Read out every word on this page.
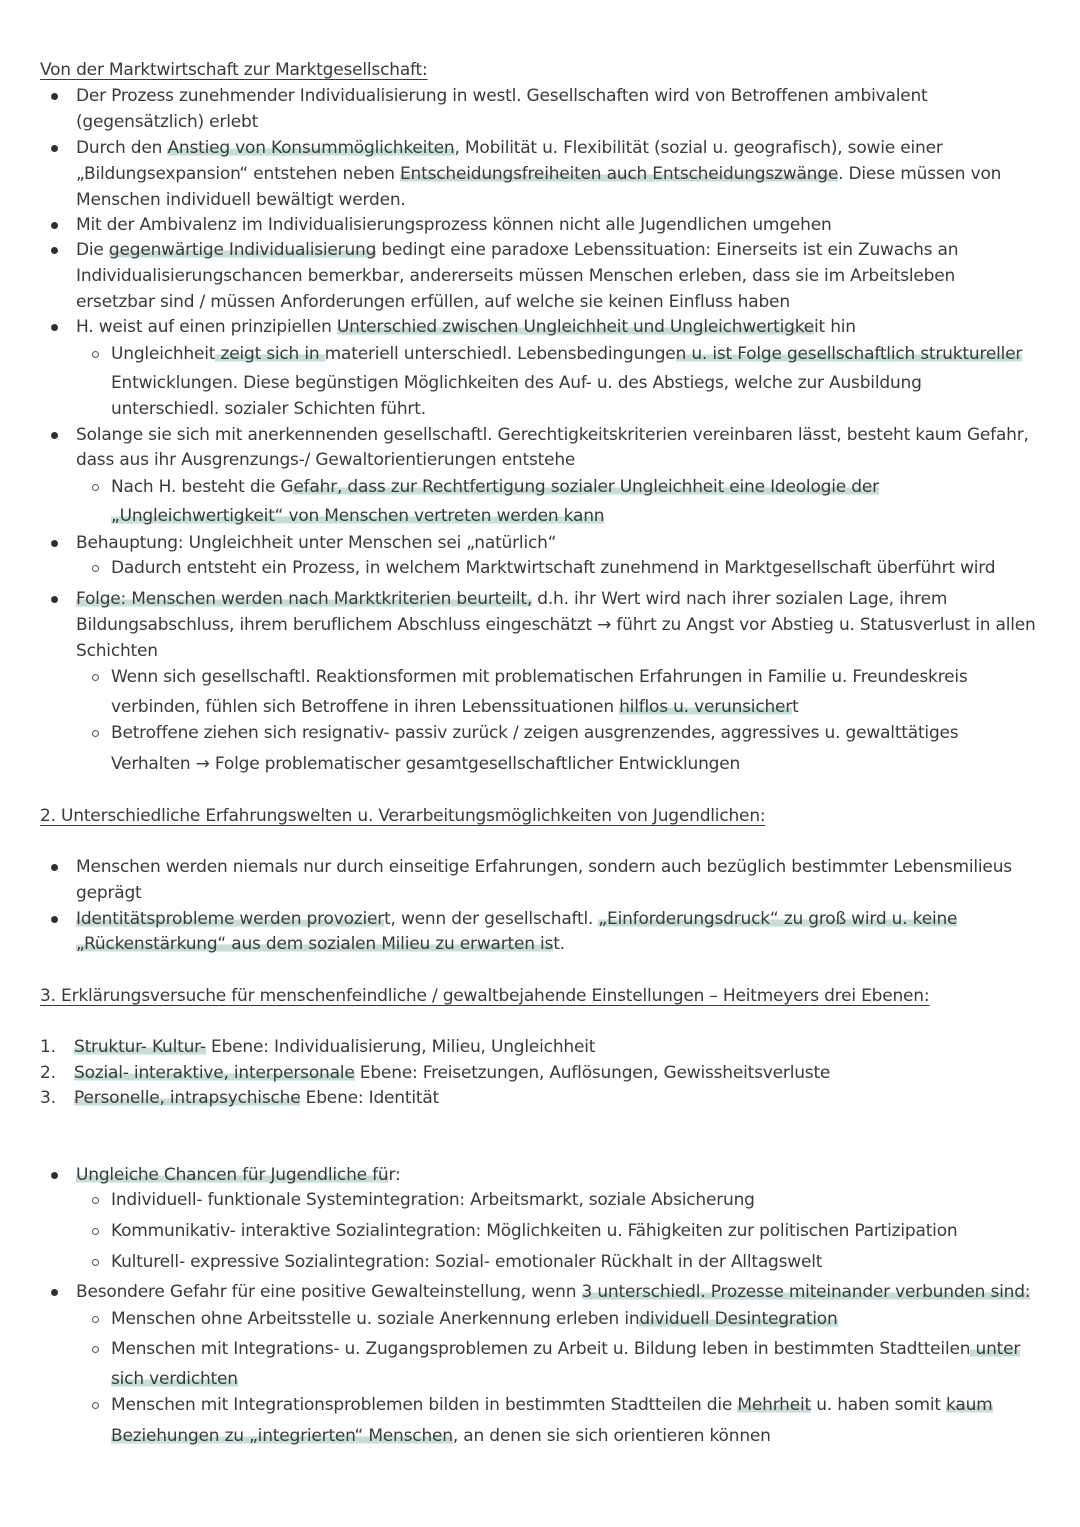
Von der Marktwirtschaft zur Marktgesellschaft:
Der Prozess zunehmender Individualisierung in westl. Gesellschaften wird von Betroffenen ambivalent
(gegensätzlich) erlebt
Durch den Anstieg von Konsummöglichkeiten, Mobilität u. Flexibilität (sozial u. geografisch), sowie einer
„Bildungsexpansion“ entstehen neben Entscheidungsfreiheiten auch Entscheidungszwänge. Diese müssen von
Menschen individuell bewältigt werden.
Mit der Ambivalenz im Individualisierungsprozess können nicht alle Jugendlichen umgehen
Die gegenwärtige Individualisierung bedingt eine paradoxe Lebenssituation: Einerseits ist ein Zuwachs an
Individualisierungschancen bemerkbar, andererseits müssen Menschen erleben, dass sie im Arbeitsleben
ersetzbar sind / müssen Anforderungen erfüllen, auf welche sie keinen Einfluss haben
H. weist auf einen prinzipiellen Unterschied zwischen Ungleichheit und Ungleichwertigkeit hin
Ungleichheit zeigt sich in materiell unterschiedl. Lebensbedingungen u. ist Folge gesellschaftlich struktureller
Entwicklungen. Diese begünstigen Möglichkeiten des Auf- u. des Abstiegs, welche zur Ausbildung
unterschiedl. sozialer Schichten führt.
Solange sie sich mit anerkennenden gesellschaftl. Gerechtigkeitskriterien vereinbaren lässt, besteht kaum Gefahr,
dass aus ihr Ausgrenzungs-/ Gewaltorientierungen entstehe
Nach H. besteht die Gefahr, dass zur Rechtfertigung sozialer Ungleichheit eine Ideologie der
„Ungleichwertigkeit“ von Menschen vertreten werden kann
Behauptung: Ungleichheit unter Menschen sei „natürlich“
Dadurch entsteht ein Prozess, in welchem Marktwirtschaft zunehmend in Marktgesellschaft überführt wird
Folge: Menschen werden nach Marktkriterien beurteilt, d.h. ihr Wert wird nach ihrer sozialen Lage, ihrem
Bildungsabschluss, ihrem beruflichem Abschluss eingeschätzt → führt zu Angst vor Abstieg u. Statusverlust in allen
Schichten
Wenn sich gesellschaftl. Reaktionsformen mit problematischen Erfahrungen in Familie u. Freundeskreis
verbinden, fühlen sich Betroffene in ihren Lebenssituationen hilflos u. verunsichert
Betroffene ziehen sich resignativ- passiv zurück / zeigen ausgrenzendes, aggressives u. gewalttätiges
Verhalten → Folge problematischer gesamtgesellschaftlicher Entwicklungen
2. Unterschiedliche Erfahrungswelten u. Verarbeitungsmöglichkeiten von Jugendlichen:
Menschen werden niemals nur durch einseitige Erfahrungen, sondern auch bezüglich bestimmter Lebensmilieus
geprägt
Identitätsprobleme werden provoziert, wenn der gesellschaftl. „Einforderungsdruck“ zu groß wird u. keine
„Rückenstärkung“ aus dem sozialen Milieu zu erwarten ist.
3. Erklärungsversuche für menschenfeindliche / gewaltbejahende Einstellungen – Heitmeyers drei Ebenen:
1. Struktur- Kultur- Ebene: Individualisierung, Milieu, Ungleichheit
2. Sozial- interaktive, interpersonale Ebene: Freisetzungen, Auflösungen, Gewissheitsverluste
3. Personelle, intrapsychische Ebene: Identität
Ungleiche Chancen für Jugendliche für:
Individuell- funktionale Systemintegration: Arbeitsmarkt, soziale Absicherung
Kommunikativ- interaktive Sozialintegration: Möglichkeiten u. Fähigkeiten zur politischen Partizipation
Kulturell- expressive Sozialintegration: Sozial- emotionaler Rückhalt in der Alltagswelt
Besondere Gefahr für eine positive Gewalteinstellung, wenn 3 unterschiedl. Prozesse miteinander verbunden sind:
Menschen ohne Arbeitsstelle u. soziale Anerkennung erleben individuell Desintegration
Menschen mit Integrations- u. Zugangsproblemen zu Arbeit u. Bildung leben in bestimmten Stadtteilen unter
sich verdichten
Menschen mit Integrationsproblemen bilden in bestimmten Stadtteilen die Mehrheit u. haben somit kaum
Beziehungen zu „integrierten“ Menschen, an denen sie sich orientieren können
